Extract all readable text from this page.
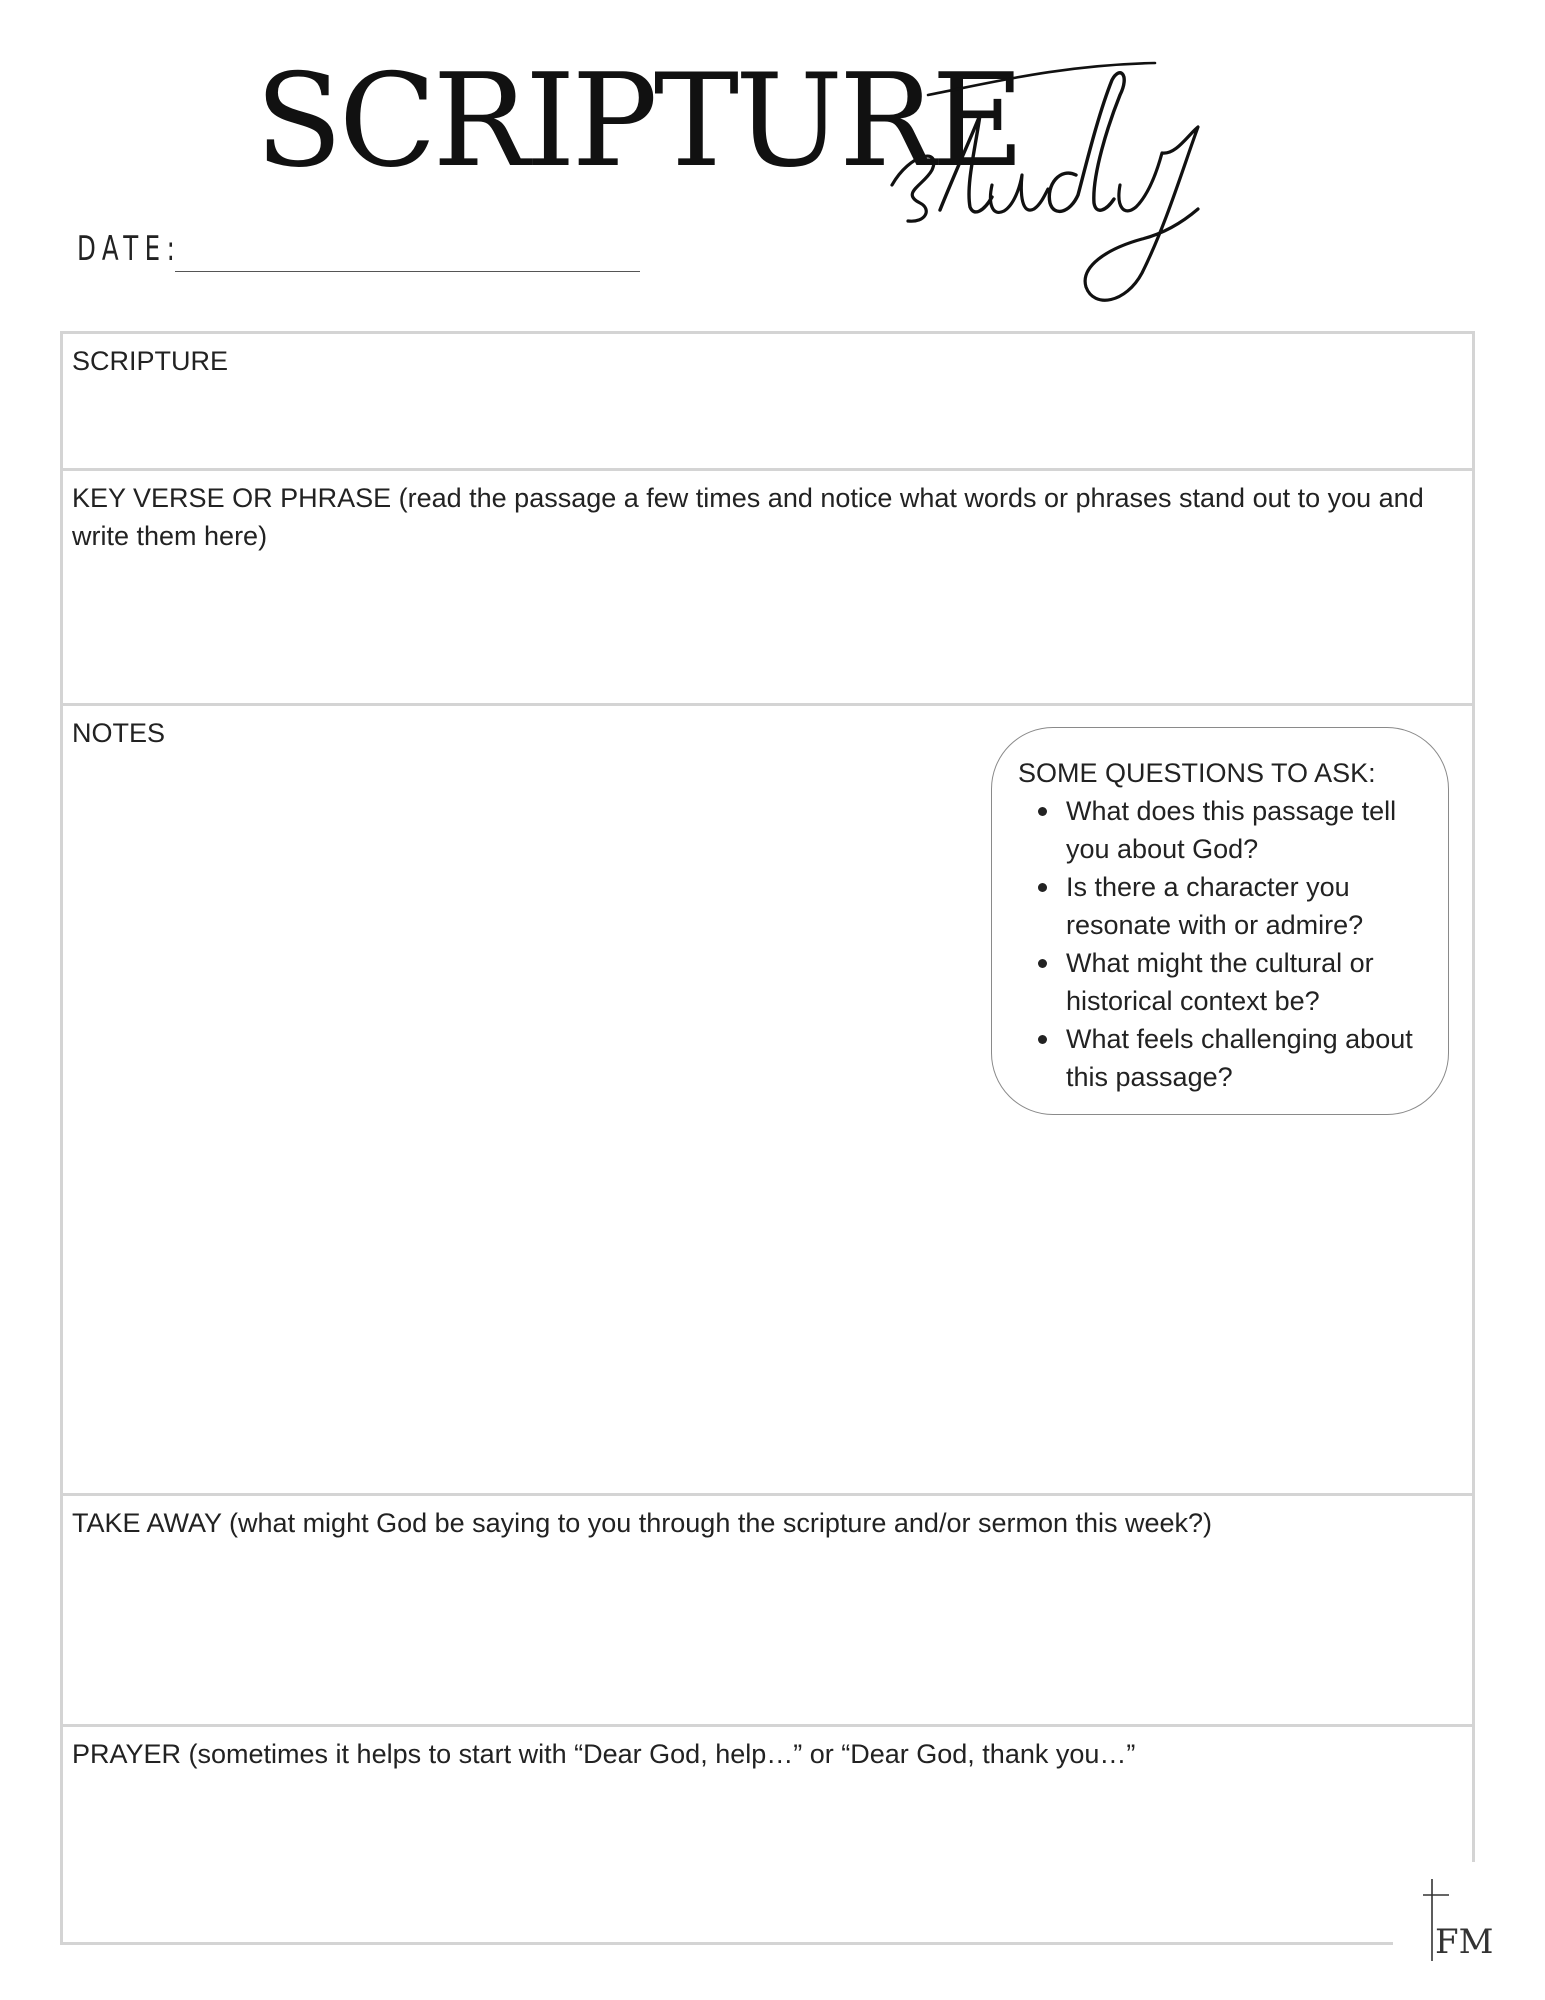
SCRIPTURE
DATE:
SCRIPTURE
KEY VERSE OR PHRASE (read the passage a few times and notice what words or phrases stand out to you and write them here)
NOTES
TAKE AWAY (what might God be saying to you through the scripture and/or sermon this week?)
PRAYER (sometimes it helps to start with “Dear God, help…” or “Dear God, thank you…”
SOME QUESTIONS TO ASK:
What does this passage tell you about God?
Is there a character you resonate with or admire?
What might the cultural or historical context be?
What feels challenging about this passage?
FM
